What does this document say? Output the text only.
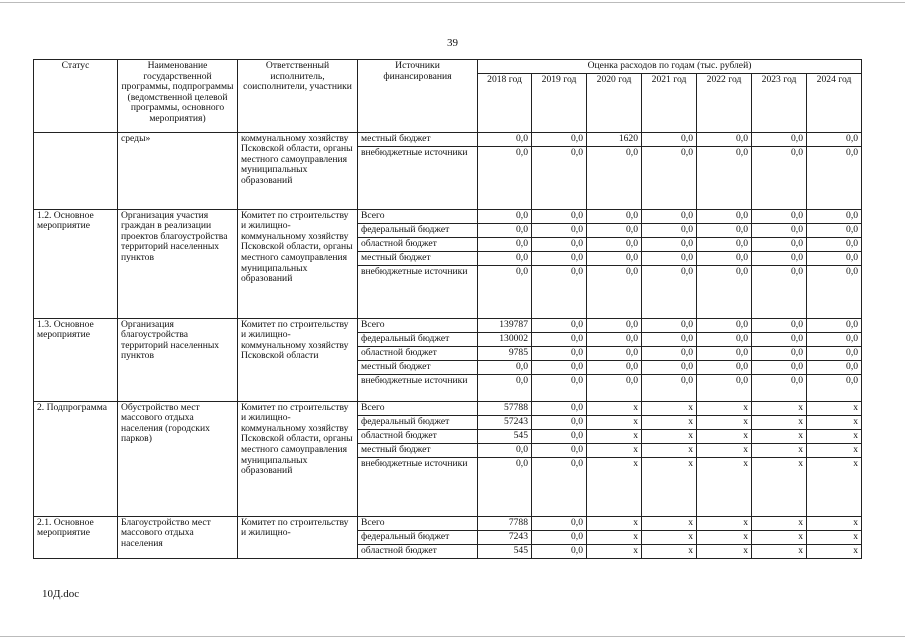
39
Статус	Наименование государственной программы, подпрограммы (ведомственной целевой программы, основного мероприятия)	Ответственный исполнитель, соисполнители, участники	Источники финансирования	Оценка расходов по годам (тыс. рублей)						
				2018 год	2019 год	2020 год	2021 год	2022 год	2023 год	2024 год
	среды»	коммунальному хозяйству Псковской области, органы местного самоуправления муниципальных образований	местный бюджет	0,0	0,0	1620	0,0	0,0	0,0	0,0
			внебюджетные источники	0,0	0,0	0,0	0,0	0,0	0,0	0,0
1.2. Основное мероприятие	Организация участия граждан в реализации проектов благоустройства территорий населенных пунктов	Комитет по строительству и жилищно-коммунальному хозяйству Псковской области, органы местного самоуправления муниципальных образований	Всего	0,0	0,0	0,0	0,0	0,0	0,0	0,0
			федеральный бюджет	0,0	0,0	0,0	0,0	0,0	0,0	0,0
			областной бюджет	0,0	0,0	0,0	0,0	0,0	0,0	0,0
			местный бюджет	0,0	0,0	0,0	0,0	0,0	0,0	0,0
			внебюджетные источники	0,0	0,0	0,0	0,0	0,0	0,0	0,0
1.3. Основное мероприятие	Организация благоустройства территорий населенных пунктов	Комитет по строительству и жилищно-коммунальному хозяйству Псковской области	Всего	139787	0,0	0,0	0,0	0,0	0,0	0,0
			федеральный бюджет	130002	0,0	0,0	0,0	0,0	0,0	0,0
			областной бюджет	9785	0,0	0,0	0,0	0,0	0,0	0,0
			местный бюджет	0,0	0,0	0,0	0,0	0,0	0,0	0,0
			внебюджетные источники	0,0	0,0	0,0	0,0	0,0	0,0	0,0
2. Подпрограмма	Обустройство мест массового отдыха населения (городских парков)	Комитет по строительству и жилищно-коммунальному хозяйству Псковской области, органы местного самоуправления муниципальных образований	Всего	57788	0,0	x	x	x	x	x
			федеральный бюджет	57243	0,0	x	x	x	x	x
			областной бюджет	545	0,0	x	x	x	x	x
			местный бюджет	0,0	0,0	x	x	x	x	x
			внебюджетные источники	0,0	0,0	x	x	x	x	x
2.1. Основное мероприятие	Благоустройство мест массового отдыха населения	Комитет по строительству и жилищно-	Всего	7788	0,0	x	x	x	x	x
			федеральный бюджет	7243	0,0	x	x	x	x	x
			областной бюджет	545	0,0	x	x	x	x	x
10Д.doc
